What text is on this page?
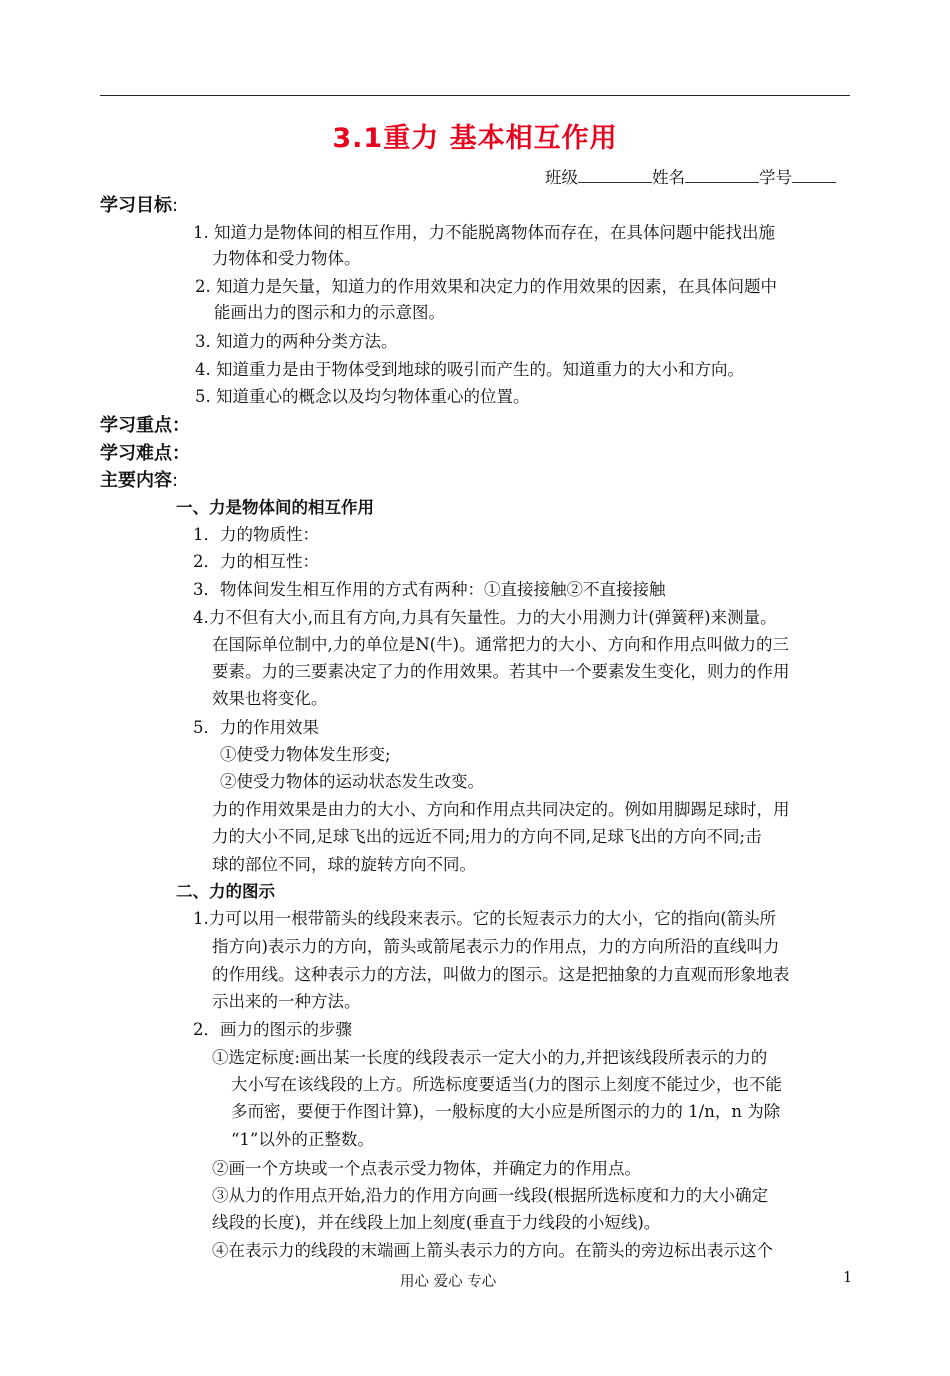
3.1重力 基本相互作用
班级	姓名	学号
学习目标:
1. 知道力是物体间的相互作用，力不能脱离物体而存在，在具体问题中能找出施
力物体和受力物体。
2. 知道力是矢量，知道力的作用效果和决定力的作用效果的因素，在具体问题中
能画出力的图示和力的示意图。
3. 知道力的两种分类方法。
4. 知道重力是由于物体受到地球的吸引而产生的。知道重力的大小和方向。
5. 知道重心的概念以及均匀物体重心的位置。
学习重点：
学习难点：
主要内容:
一、力是物体间的相互作用
1．力的物质性：
2．力的相互性：
3．物体间发生相互作用的方式有两种：①直接接触②不直接接触
4.力不但有大小,而且有方向,力具有矢量性。力的大小用测力计(弹簧秤)来测量。
在国际单位制中,力的单位是N(牛)。通常把力的大小、方向和作用点叫做力的三
要素。力的三要素决定了力的作用效果。若其中一个要素发生变化，则力的作用
效果也将变化。
5．力的作用效果
①使受力物体发生形变;
②使受力物体的运动状态发生改变。
力的作用效果是由力的大小、方向和作用点共同决定的。例如用脚踢足球时，用
力的大小不同,足球飞出的远近不同;用力的方向不同,足球飞出的方向不同;击
球的部位不同，球的旋转方向不同。
二、力的图示
1.力可以用一根带箭头的线段来表示。它的长短表示力的大小，它的指向(箭头所
指方向)表示力的方向，箭头或箭尾表示力的作用点，力的方向所沿的直线叫力
的作用线。这种表示力的方法，叫做力的图示。这是把抽象的力直观而形象地表
示出来的一种方法。
2．画力的图示的步骤
①选定标度:画出某一长度的线段表示一定大小的力,并把该线段所表示的力的
大小写在该线段的上方。所选标度要适当(力的图示上刻度不能过少，也不能
多而密，要便于作图计算)，一般标度的大小应是所图示的力的 1/n，n 为除
“1”以外的正整数。
②画一个方块或一个点表示受力物体，并确定力的作用点。
③从力的作用点开始,沿力的作用方向画一线段(根据所选标度和力的大小确定
线段的长度)，并在线段上加上刻度(垂直于力线段的小短线)。
④在表示力的线段的末端画上箭头表示力的方向。在箭头的旁边标出表示这个
用心 爱心 专心	1
